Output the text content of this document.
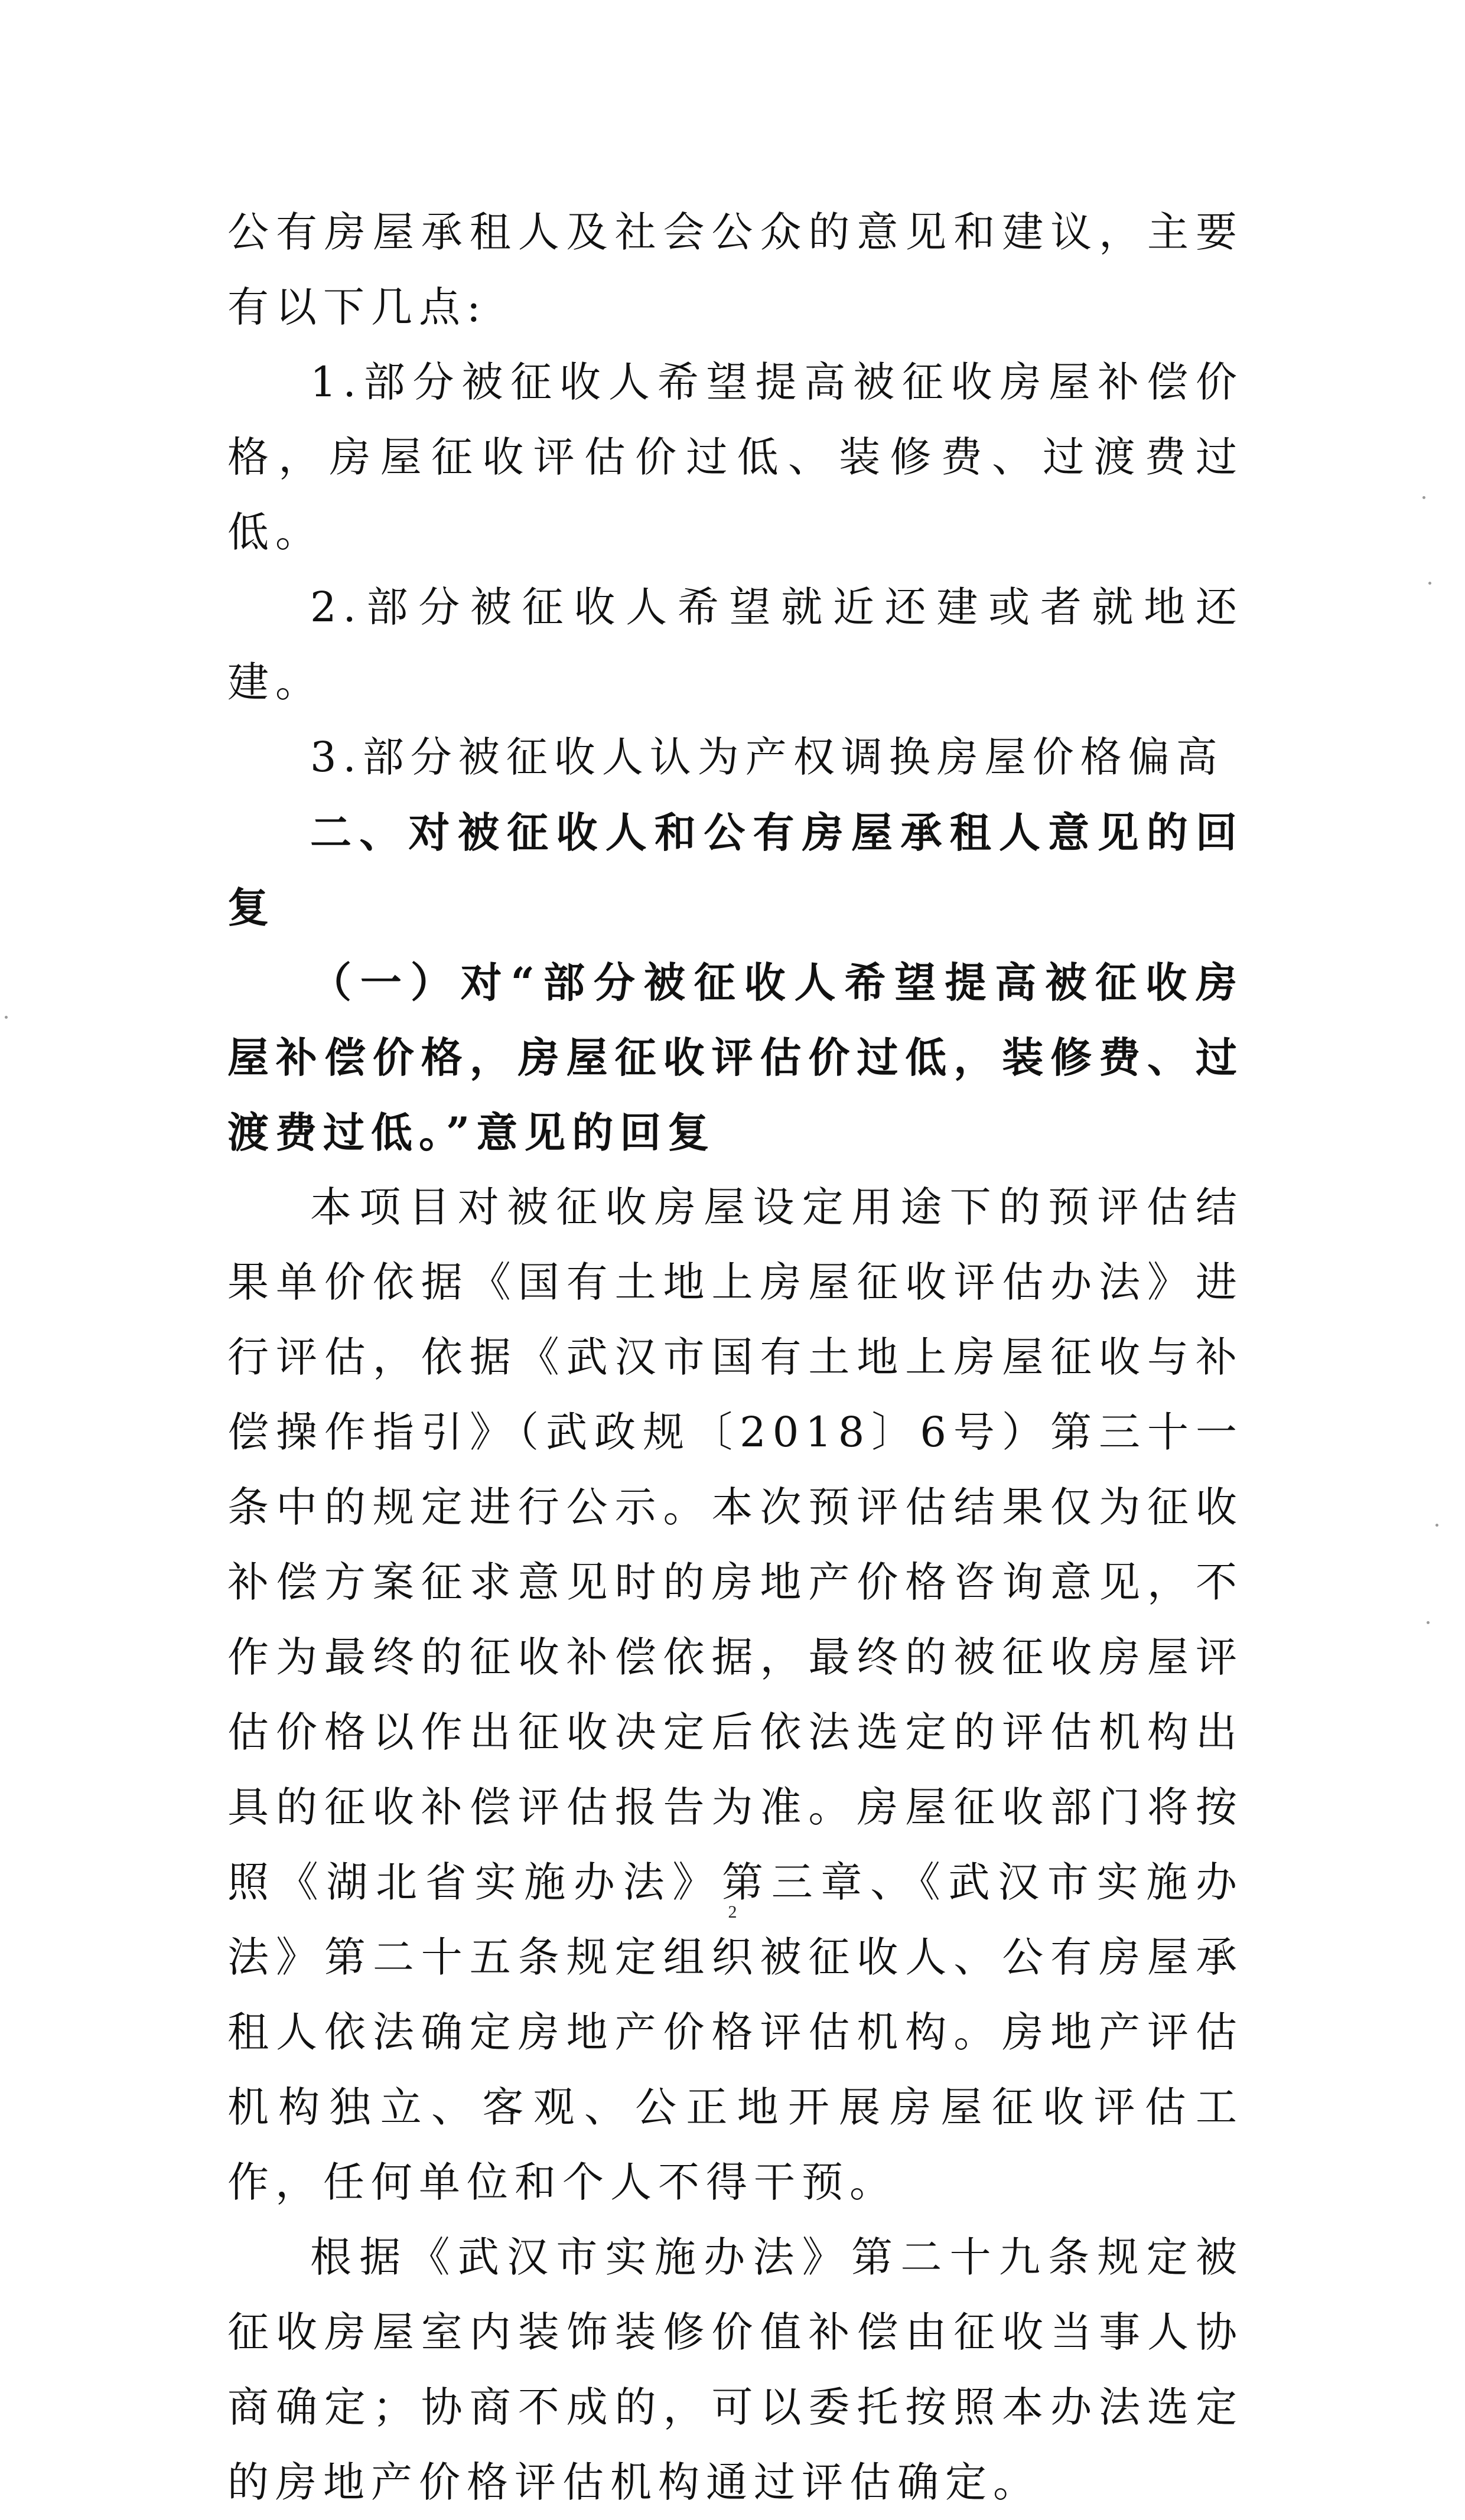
公有房屋承租人及社会公众的意见和建议，主要有以下几点:

1.部分被征收人希望提高被征收房屋补偿价格，房屋征收评估价过低、装修费、过渡费过低。

2.部分被征收人希望就近还建或者就地还建。

3.部分被征收人认为产权调换房屋价格偏高

二、对被征收人和公有房屋承租人意见的回复

（一）对“部分被征收人希望提高被征收房屋补偿价格，房屋征收评估价过低，装修费、过渡费过低。”意见的回复

本项目对被征收房屋设定用途下的预评估结果单价依据《国有土地上房屋征收评估办法》进行评估，依据《武汉市国有土地上房屋征收与补偿操作指引》（武政规〔2018〕6号）第三十一条中的规定进行公示。本次预评估结果仅为征收补偿方案征求意见时的房地产价格咨询意见，不作为最终的征收补偿依据，最终的被征收房屋评估价格以作出征收决定后依法选定的评估机构出具的征收补偿评估报告为准。房屋征收部门将按照《湖北省实施办法》第三章、《武汉市实施办法》第二十五条规定组织被征收人、公有房屋承租人依法确定房地产价格评估机构。房地产评估机构独立、客观、公正地开展房屋征收评估工作，任何单位和个人不得干预。

根据《武汉市实施办法》第二十九条规定被征收房屋室内装饰装修价值补偿由征收当事人协商确定；协商不成的，可以委托按照本办法选定的房地产价格评估机构通过评估确定。

2
